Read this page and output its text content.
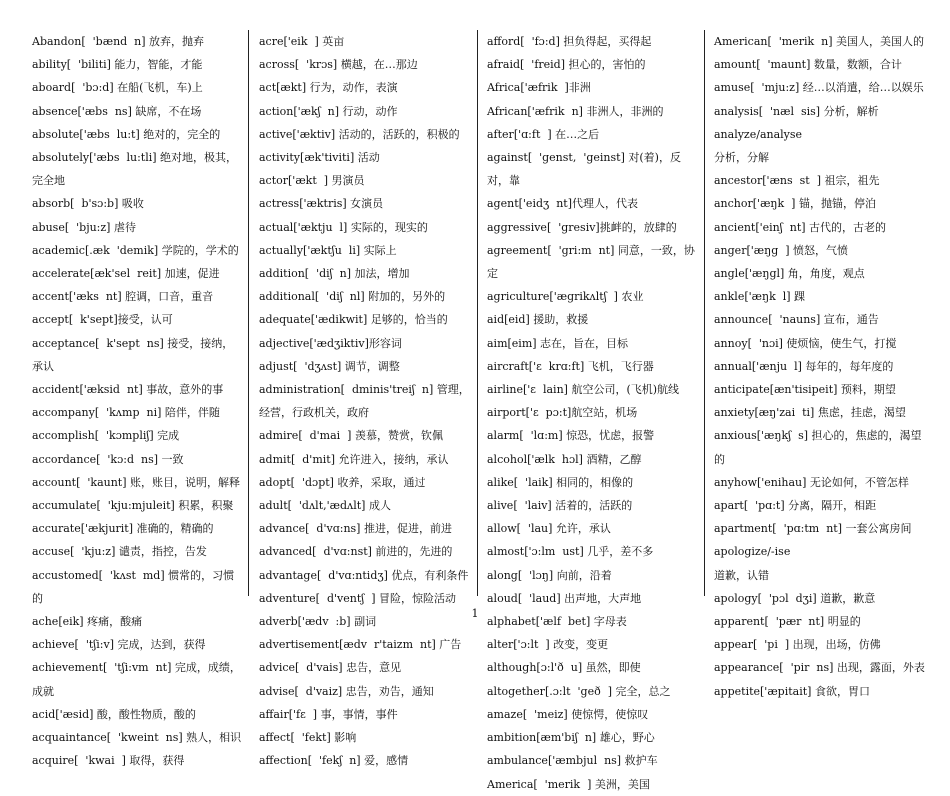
Abandon[  'bænd  n] 放弃，抛弃
ability[  'biliti] 能力，智能，才能
aboard[  'bɔ:d] 在船(飞机，车)上
absence['æbs  ns] 缺席，不在场
absolute['æbs  lu:t] 绝对的，完全的
absolutely['æbs  lu:tli] 绝对地，极其，完全地
absorb[  b'sɔ:b] 吸收
abuse[  'bju:z] 虐待
academic[.æk  'demik] 学院的，学术的
accelerate[æk'sel  reit] 加速，促进
accent['æks  nt] 腔调，口音，重音
accept[  k'sept]接受，认可
acceptance[  k'sept  ns] 接受，接纳，承认
accident['æksid  nt] 事故，意外的事
accompany[  'kʌmp  ni] 陪伴，伴随
accomplish[  'kɔmpliʃ] 完成
accordance[  'kɔ:d  ns] 一致
account[  'kaunt] 账，账目，说明，解释
accumulate[  'kju:mjuleit] 积累，积聚
accurate['ækjurit] 准确的，精确的
accuse[  'kju:z] 谴责，指控，告发
accustomed[  'kʌst  md] 惯常的，习惯的
ache[eik] 疼痛，酸痛
achieve[  'tʃi:v] 完成，达到，获得
achievement[  'tʃi:vm  nt] 完成，成绩，成就
acid['æsid] 酸，酸性物质，酸的
acquaintance[  'kweint  ns] 熟人，相识
acquire[  'kwai  ] 取得，获得
acre['eik  ] 英亩
across[  'krɔs] 横越，在…那边
act[ækt] 行为，动作，表演
action['ækʃ  n] 行动，动作
active['æktiv] 活动的，活跃的，积极的
activity[æk'tiviti] 活动
actor['ækt  ] 男演员
actress['æktris] 女演员
actual['æktju  l] 实际的，现实的
actually['æktʃu  li] 实际上
addition[  'diʃ  n] 加法，增加
additional[  'diʃ  nl] 附加的，另外的
adequate['ædikwit] 足够的，恰当的
adjective['ædʒiktiv]形容词
adjust[  'dʒʌst] 调节，调整
administration[  dminis'treiʃ  n] 管理，经营，行政机关，政府
admire[  d'mai  ] 羡慕，赞赏，钦佩
admit[  d'mit] 允许进入，接纳，承认
adopt[  'dɔpt] 收养，采取，通过
adult[  'dʌlt,'ædʌlt] 成人
advance[  d'vɑ:ns] 推进，促进，前进
advanced[  d'vɑ:nst] 前进的，先进的
advantage[  d'vɑ:ntidʒ] 优点，有利条件
adventure[  d'ventʃ  ] 冒险，惊险活动
adverb['ædv  :b] 副词
advertisement[ædv  r'taizm  nt] 广告
advice[  d'vais] 忠告，意见
advise[  d'vaiz] 忠告，劝告，通知
affair['fɛ  ] 事，事情，事件
affect[  'fekt] 影响
affection[  'fekʃ  n] 爱，感情
afford[  'fɔ:d] 担负得起，买得起
afraid[  'freid] 担心的，害怕的
Africa['æfrik  ]非洲
African['æfrik  n] 非洲人，非洲的
after['ɑ:ft  ] 在…之后
against[  'genst,  'geinst] 对(着)，反对，靠
agent['eidʒ  nt]代理人，代表
aggressive[  'gresiv]挑衅的，放肆的
agreement[  'gri:m  nt] 同意，一致，协定
agriculture['ægrikʌltʃ  ] 农业
aid[eid] 援助，救援
aim[eim] 志在，旨在，目标
aircraft['ɛ  krɑ:ft] 飞机，飞行器
airline['ɛ  lain] 航空公司，(飞机)航线
airport['ɛ  pɔ:t]航空站，机场
alarm[  'lɑ:m] 惊恐，忧虑，报警
alcohol['ælk  hɔl] 酒精，乙醇
alike[  'laik] 相同的，相像的
alive[  'laiv] 活着的，活跃的
allow[  'lau] 允许，承认
almost['ɔ:lm  ust] 几乎，差不多
along[  'lɔŋ] 向前，沿着
aloud[  'laud] 出声地，大声地
alphabet['ælf  bet] 字母表
alter['ɔ:lt  ] 改变，变更
although[ɔ:l'ð  u] 虽然，即使
altogether[.ɔ:lt  'geð  ] 完全，总之
amaze[  'meiz] 使惊愕，使惊叹
ambition[æm'biʃ  n] 雄心，野心
ambulance['æmbjul  ns] 救护车
America[  'merik  ] 美洲，美国
American[  'merik  n] 美国人，美国人的
amount[  'maunt] 数量，数额，合计
amuse[  'mju:z] 经…以消遣，给…以娱乐
analysis[  'næl  sis] 分析，解析
analyze/analyse
分析，分解
ancestor['æns  st  ] 祖宗，祖先
anchor['æŋk  ] 锚，抛锚，停泊
ancient['einʃ  nt] 古代的，古老的
anger['æŋg  ] 愤怒，气愤
angle['æŋgl] 角，角度，观点
ankle['æŋk  l] 踝
announce[  'nauns] 宣布，通告
annoy[  'nɔi] 使烦恼，使生气，打搅
annual['ænju  l] 每年的，每年度的
anticipate[æn'tisipeit] 预料，期望
anxiety[æŋ'zai  ti] 焦虑，挂虑，渴望
anxious['æŋkʃ  s] 担心的，焦虑的，渴望的
anyhow['enihau] 无论如何，不管怎样
apart[  'pɑ:t] 分离，隔开，相距
apartment[  'pɑ:tm  nt] 一套公寓房间
apologize/-ise
道歉，认错
apology[  'pɔl  dʒi] 道歉，歉意
apparent[  'pær  nt] 明显的
appear[  'pi  ] 出现，出场，仿佛
appearance[  'pir  ns] 出现，露面，外表
appetite['æpitait] 食欲，胃口
1
